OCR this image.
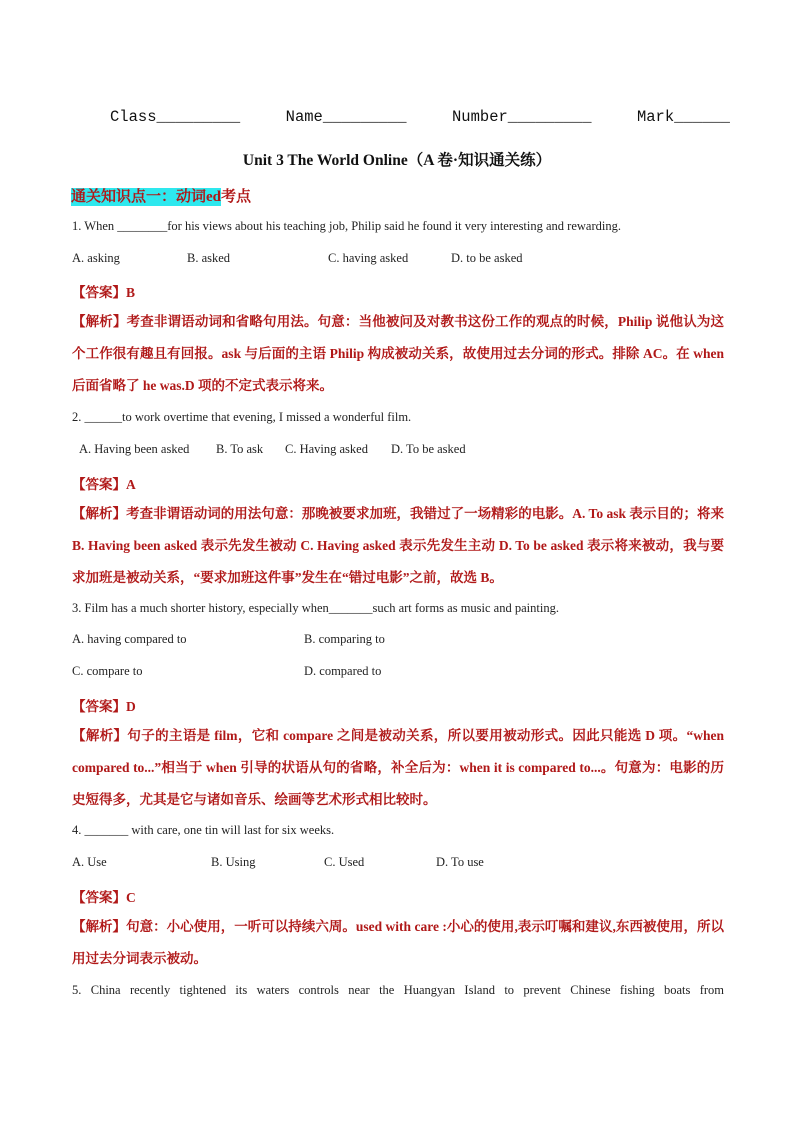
Class_________	Name_________	Number_________	Mark______
Unit 3 The World Online（A 卷·知识通关练）
通关知识点一：动词ed考点
1. When ________for his views about his teaching job, Philip said he found it very interesting and rewarding.
A. asking	B. asked	C. having asked	D. to be asked
【答案】B
【解析】考查非谓语动词和省略句用法。句意：当他被问及对教书这份工作的观点的时候，Philip 说他认为这个工作很有趣且有回报。ask 与后面的主语 Philip 构成被动关系，故使用过去分词的形式。排除 AC。在 when 后面省略了 he was.D 项的不定式表示将来。
2. ______to work overtime that evening, I missed a wonderful film.
A. Having been asked B. To ask C. Having asked D. To be asked
【答案】A
【解析】考查非谓语动词的用法句意：那晚被要求加班，我错过了一场精彩的电影。A. To ask 表示目的；将来 B. Having been asked 表示先发生被动 C. Having asked 表示先发生主动 D. To be asked 表示将来被动，我与要求加班是被动关系，“要求加班这件事”发生在“错过电影”之前，故选 B。
3. Film has a much shorter history, especially when_______such art forms as music and painting.
A. having compared to	B. comparing to
C. compare to	D. compared to
【答案】D
【解析】句子的主语是 film，它和 compare 之间是被动关系，所以要用被动形式。因此只能选 D 项。“when compared to...”相当于 when 引导的状语从句的省略，补全后为：when it is compared to...。句意为：电影的历史短得多，尤其是它与诸如音乐、绘画等艺术形式相比较时。
4. _______ with care, one tin will last for six weeks.
A. Use	B. Using	C. Used	D. To use
【答案】C
【解析】句意：小心使用，一听可以持续六周。used with care :小心的使用,表示叮嘱和建议,东西被使用，所以用过去分词表示被动。
5. China recently tightened its waters controls near the Huangyan Island to prevent Chinese fishing boats from
